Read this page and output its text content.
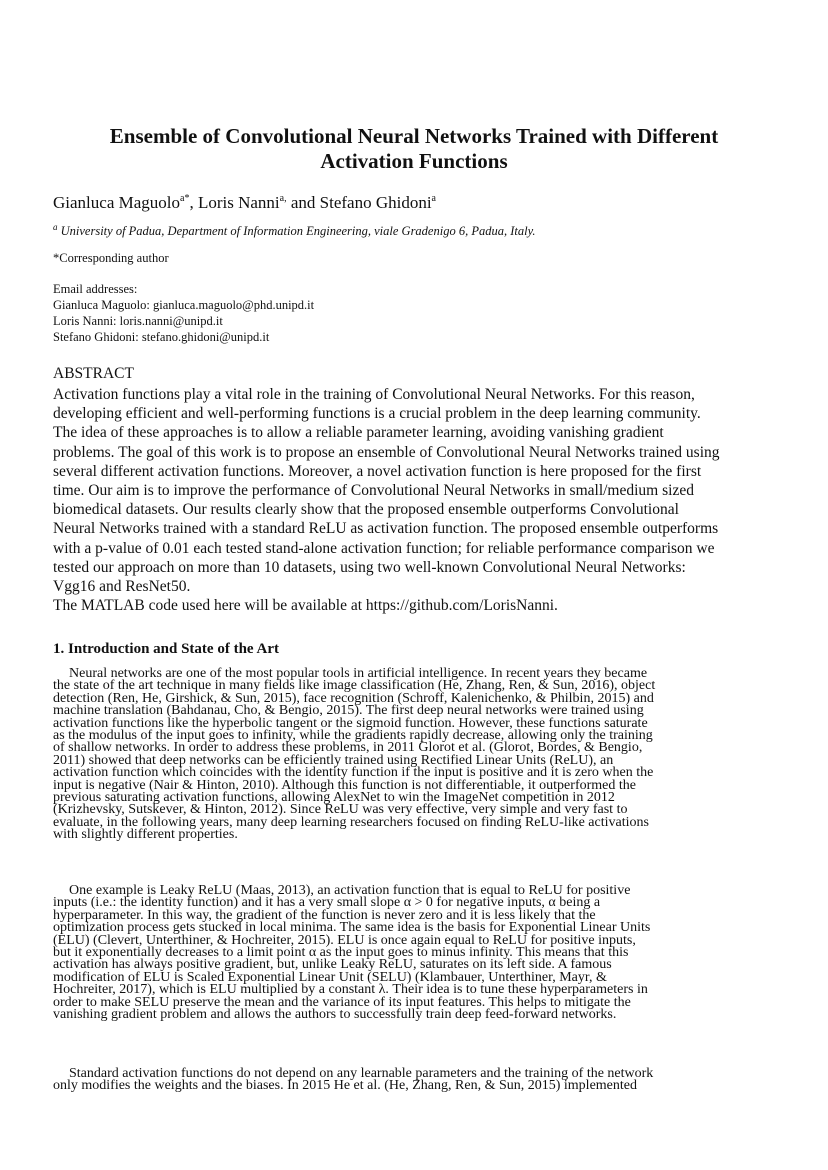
Ensemble of Convolutional Neural Networks Trained with Different
Activation Functions
Gianluca Maguolo$^{a*}$, Loris Nanni$^{a,}$ and Stefano Ghidoni$^a$
$^a$ University of Padua, Department of Information Engineering, viale Gradenigo 6, Padua, Italy.
*Corresponding author
Email addresses:
Gianluca Maguolo: gianluca.maguolo@phd.unipd.it
Loris Nanni: loris.nanni@unipd.it
Stefano Ghidoni: stefano.ghidoni@unipd.it
ABSTRACT
Activation functions play a vital role in the training of Convolutional Neural Networks. For this reason,
developing efficient and well-performing functions is a crucial problem in the deep learning community.
The idea of these approaches is to allow a reliable parameter learning, avoiding vanishing gradient
problems. The goal of this work is to propose an ensemble of Convolutional Neural Networks trained using
several different activation functions. Moreover, a novel activation function is here proposed for the first
time. Our aim is to improve the performance of Convolutional Neural Networks in small/medium sized
biomedical datasets. Our results clearly show that the proposed ensemble outperforms Convolutional
Neural Networks trained with a standard ReLU as activation function. The proposed ensemble outperforms
with a p-value of 0.01 each tested stand-alone activation function; for reliable performance comparison we
tested our approach on more than 10 datasets, using two well-known Convolutional Neural Networks:
Vgg16 and ResNet50.
The MATLAB code used here will be available at https://github.com/LorisNanni.
1. Introduction and State of the Art
Neural networks are one of the most popular tools in artificial intelligence. In recent years they became
the state of the art technique in many fields like image classification (He, Zhang, Ren, & Sun, 2016), object
detection (Ren, He, Girshick, & Sun, 2015), face recognition (Schroff, Kalenichenko, & Philbin, 2015) and
machine translation (Bahdanau, Cho, & Bengio, 2015). The first deep neural networks were trained using
activation functions like the hyperbolic tangent or the sigmoid function. However, these functions saturate
as the modulus of the input goes to infinity, while the gradients rapidly decrease, allowing only the training
of shallow networks. In order to address these problems, in 2011 Glorot et al. (Glorot, Bordes, & Bengio,
2011) showed that deep networks can be efficiently trained using Rectified Linear Units (ReLU), an
activation function which coincides with the identity function if the input is positive and it is zero when the
input is negative (Nair & Hinton, 2010). Although this function is not differentiable, it outperformed the
previous saturating activation functions, allowing AlexNet to win the ImageNet competition in 2012
(Krizhevsky, Sutskever, & Hinton, 2012). Since ReLU was very effective, very simple and very fast to
evaluate, in the following years, many deep learning researchers focused on finding ReLU-like activations
with slightly different properties.
One example is Leaky ReLU (Maas, 2013), an activation function that is equal to ReLU for positive
inputs (i.e.: the identity function) and it has a very small slope α > 0 for negative inputs, α being a
hyperparameter. In this way, the gradient of the function is never zero and it is less likely that the
optimization process gets stucked in local minima. The same idea is the basis for Exponential Linear Units
(ELU) (Clevert, Unterthiner, & Hochreiter, 2015). ELU is once again equal to ReLU for positive inputs,
but it exponentially decreases to a limit point α as the input goes to minus infinity. This means that this
activation has always positive gradient, but, unlike Leaky ReLU, saturates on its left side. A famous
modification of ELU is Scaled Exponential Linear Unit (SELU) (Klambauer, Unterthiner, Mayr, &
Hochreiter, 2017), which is ELU multiplied by a constant λ. Their idea is to tune these hyperparameters in
order to make SELU preserve the mean and the variance of its input features. This helps to mitigate the
vanishing gradient problem and allows the authors to successfully train deep feed-forward networks.
Standard activation functions do not depend on any learnable parameters and the training of the network
only modifies the weights and the biases. In 2015 He et al. (He, Zhang, Ren, & Sun, 2015) implemented
